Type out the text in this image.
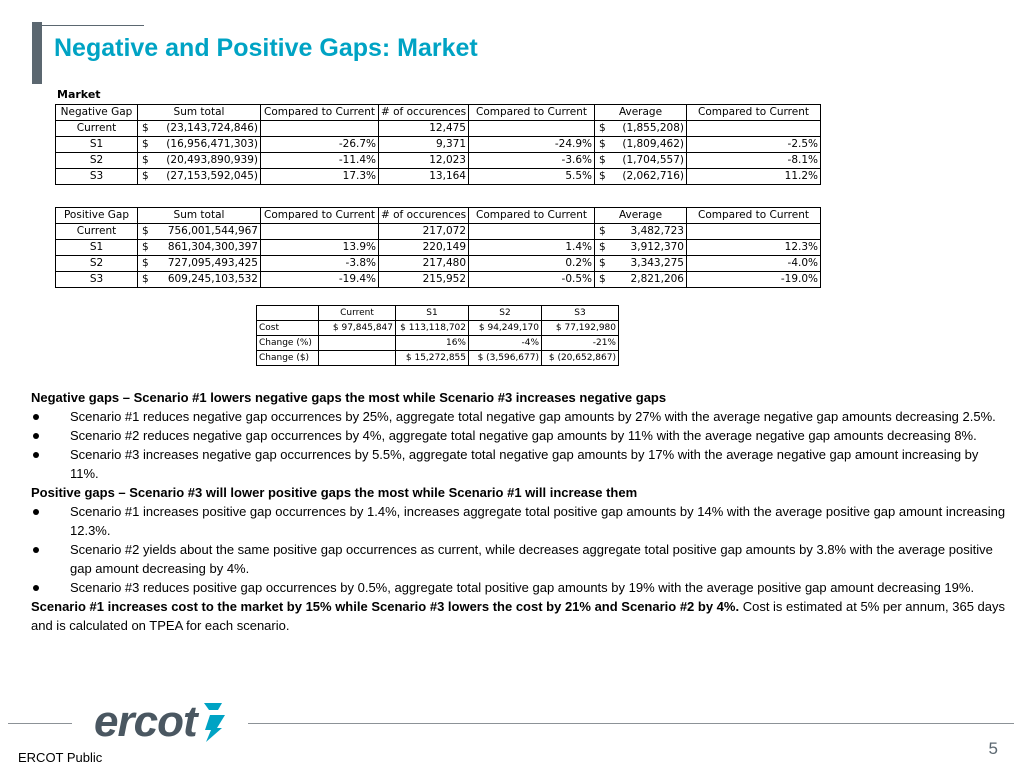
Negative and Positive Gaps: Market
Market
Negative Gap	Sum total	Compared to Current	# of occurences	Compared to Current	Average	Compared to Current
Current	$ (23,143,724,846)		12,475		$ (1,855,208)	
S1	$ (16,956,471,303)	-26.7%	9,371	-24.9%	$ (1,809,462)	-2.5%
S2	$ (20,493,890,939)	-11.4%	12,023	-3.6%	$ (1,704,557)	-8.1%
S3	$ (27,153,592,045)	17.3%	13,164	5.5%	$ (2,062,716)	11.2%
Positive Gap	Sum total	Compared to Current	# of occurences	Compared to Current	Average	Compared to Current
Current	$ 756,001,544,967		217,072		$ 3,482,723	
S1	$ 861,304,300,397	13.9%	220,149	1.4%	$ 3,912,370	12.3%
S2	$ 727,095,493,425	-3.8%	217,480	0.2%	$ 3,343,275	-4.0%
S3	$ 609,245,103,532	-19.4%	215,952	-0.5%	$ 2,821,206	-19.0%
	Current	S1	S2	S3
Cost	$ 97,845,847	$ 113,118,702	$ 94,249,170	$ 77,192,980
Change (%)		16%	-4%	-21%
Change ($)		$ 15,272,855	$ (3,596,677)	$ (20,652,867)

Negative gaps – Scenario #1 lowers negative gaps the most while Scenario #3 increases negative gaps

Scenario #1 reduces negative gap occurrences by 25%, aggregate total negative gap amounts by 27% with the average negative gap amounts decreasing 2.5%.
Scenario #2 reduces negative gap occurrences by 4%, aggregate total negative gap amounts by 11% with the average negative gap amounts decreasing 8%.
Scenario #3 increases negative gap occurrences by 5.5%, aggregate total negative gap amounts by 17% with the average negative gap amount increasing by 11%.

Positive gaps – Scenario #3 will lower positive gaps the most while Scenario #1 will increase them

Scenario #1 increases positive gap occurrences by 1.4%, increases aggregate total positive gap amounts by 14% with the average positive gap amount increasing 12.3%.
Scenario #2 yields about the same positive gap occurrences as current, while decreases aggregate total positive gap amounts by 3.8% with the average positive gap amount decreasing by 4%.
Scenario #3 reduces positive gap occurrences by 0.5%, aggregate total positive gap amounts by 19% with the average positive gap amount decreasing 19%.

Scenario #1 increases cost to the market by 15% while Scenario #3 lowers the cost by 21% and Scenario #2 by 4%. Cost is estimated at 5% per annum, 365 days and is calculated on TPEA for each scenario.

ercot
5
ERCOT Public
